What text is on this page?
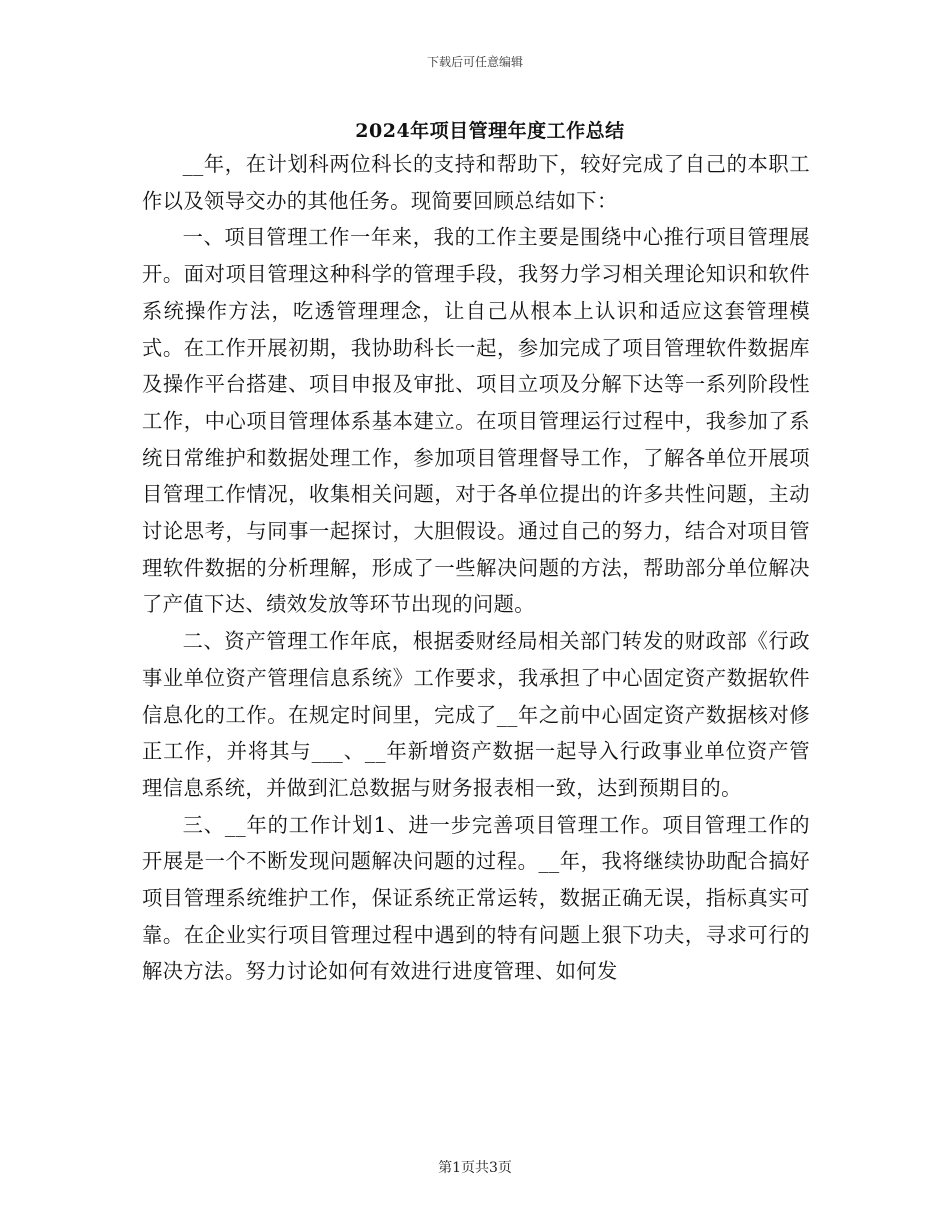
下载后可任意编辑
2024年项目管理年度工作总结

__年，在计划科两位科长的支持和帮助下，较好完成了自己的本职工作以及领导交办的其他任务。现简要回顾总结如下：

一、项目管理工作一年来，我的工作主要是围绕中心推行项目管理展开。面对项目管理这种科学的管理手段，我努力学习相关理论知识和软件系统操作方法，吃透管理理念，让自己从根本上认识和适应这套管理模式。在工作开展初期，我协助科长一起，参加完成了项目管理软件数据库及操作平台搭建、项目申报及审批、项目立项及分解下达等一系列阶段性工作，中心项目管理体系基本建立。在项目管理运行过程中，我参加了系统日常维护和数据处理工作，参加项目管理督导工作，了解各单位开展项目管理工作情况，收集相关问题，对于各单位提出的许多共性问题，主动讨论思考，与同事一起探讨，大胆假设。通过自己的努力，结合对项目管理软件数据的分析理解，形成了一些解决问题的方法，帮助部分单位解决了产值下达、绩效发放等环节出现的问题。

二、资产管理工作年底，根据委财经局相关部门转发的财政部《行政事业单位资产管理信息系统》工作要求，我承担了中心固定资产数据软件信息化的工作。在规定时间里，完成了__年之前中心固定资产数据核对修正工作，并将其与___、__年新增资产数据一起导入行政事业单位资产管理信息系统，并做到汇总数据与财务报表相一致，达到预期目的。

三、__年的工作计划1、进一步完善项目管理工作。项目管理工作的开展是一个不断发现问题解决问题的过程。__年，我将继续协助配合搞好项目管理系统维护工作，保证系统正常运转，数据正确无误，指标真实可靠。在企业实行项目管理过程中遇到的特有问题上狠下功夫，寻求可行的解决方法。努力讨论如何有效进行进度管理、如何发

第1页共3页
